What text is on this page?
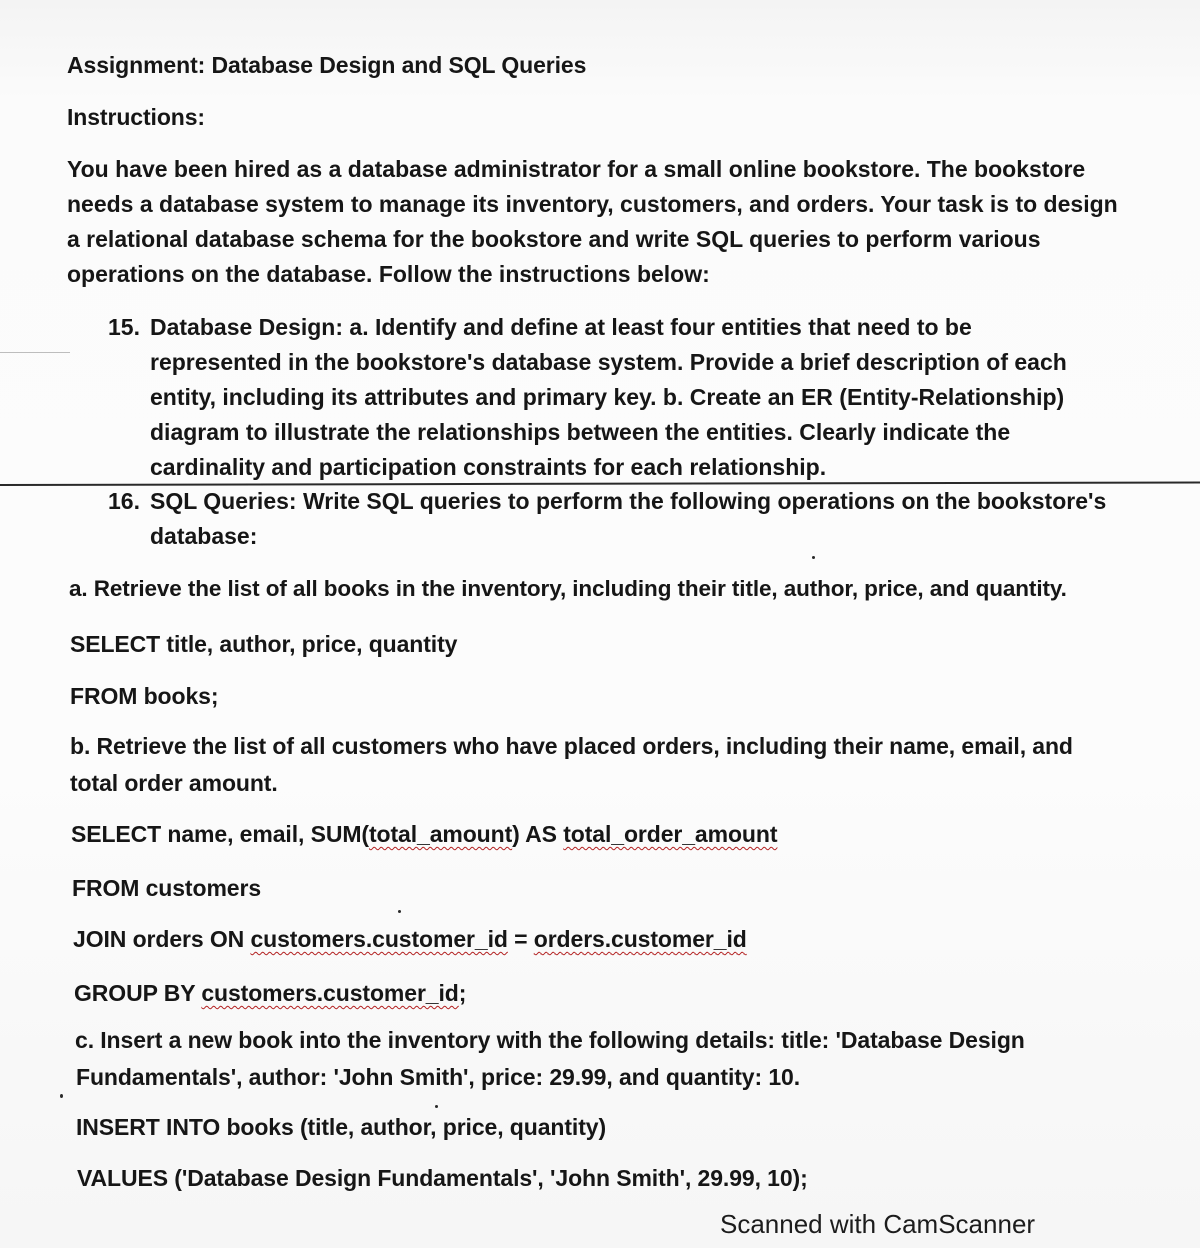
Assignment: Database Design and SQL Queries
Instructions:
You have been hired as a database administrator for a small online bookstore. The bookstore
needs a database system to manage its inventory, customers, and orders. Your task is to design
a relational database schema for the bookstore and write SQL queries to perform various
operations on the database. Follow the instructions below:
15. Database Design: a. Identify and define at least four entities that need to be
represented in the bookstore's database system. Provide a brief description of each
entity, including its attributes and primary key. b. Create an ER (Entity-Relationship)
diagram to illustrate the relationships between the entities. Clearly indicate the
cardinality and participation constraints for each relationship.
16. SQL Queries: Write SQL queries to perform the following operations on the bookstore's
database:
a. Retrieve the list of all books in the inventory, including their title, author, price, and quantity.
SELECT title, author, price, quantity
FROM books;
b. Retrieve the list of all customers who have placed orders, including their name, email, and
total order amount.
SELECT name, email, SUM(total_amount) AS total_order_amount
FROM customers
JOIN orders ON customers.customer_id = orders.customer_id
GROUP BY customers.customer_id;
c. Insert a new book into the inventory with the following details: title: 'Database Design
Fundamentals', author: 'John Smith', price: 29.99, and quantity: 10.
INSERT INTO books (title, author, price, quantity)
VALUES ('Database Design Fundamentals', 'John Smith', 29.99, 10);
Scanned with CamScanner
